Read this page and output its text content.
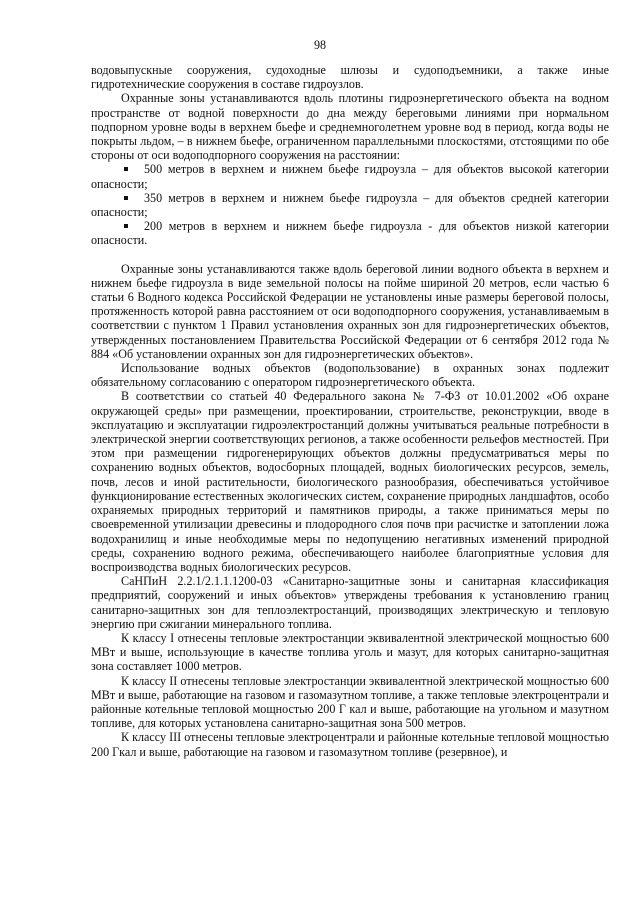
98

водовыпускные сооружения, судоходные шлюзы и судоподъемники, а также иные гидротехнические сооружения в составе гидроузлов.

Охранные зоны устанавливаются вдоль плотины гидроэнергетического объекта на водном пространстве от водной поверхности до дна между береговыми линиями при нормальном подпорном уровне воды в верхнем бьефе и среднемноголетнем уровне вод в период, когда воды не покрыты льдом, – в нижнем бьефе, ограниченном параллельными плоскостями, отстоящими по обе стороны от оси водоподпорного сооружения на расстоянии:

500 метров в верхнем и нижнем бьефе гидроузла – для объектов высокой категории опасности;

350 метров в верхнем и нижнем бьефе гидроузла – для объектов средней категории опасности;

200 метров в верхнем и нижнем бьефе гидроузла - для объектов низкой категории опасности.

Охранные зоны устанавливаются также вдоль береговой линии водного объекта в верхнем и нижнем бьефе гидроузла в виде земельной полосы на пойме шириной 20 метров, если частью 6 статьи 6 Водного кодекса Российской Федерации не установлены иные размеры береговой полосы, протяженность которой равна расстоянием от оси водоподпорного сооружения, устанавливаемым в соответствии с пунктом 1 Правил установления охранных зон для гидроэнергетических объектов, утвержденных постановлением Правительства Российской Федерации от 6 сентября 2012 года № 884 «Об установлении охранных зон для гидроэнергетических объектов».

Использование водных объектов (водопользование) в охранных зонах подлежит обязательному согласованию с оператором гидроэнергетического объекта.

В соответствии со статьей 40 Федерального закона № 7-ФЗ от 10.01.2002 «Об охране окружающей среды» при размещении, проектировании, строительстве, реконструкции, вводе в эксплуатацию и эксплуатации гидроэлектростанций должны учитываться реальные потребности в электрической энергии соответствующих регионов, а также особенности рельефов местностей. При этом при размещении гидрогенерирующих объектов должны предусматриваться меры по сохранению водных объектов, водосборных площадей, водных биологических ресурсов, земель, почв, лесов и иной растительности, биологического разнообразия, обеспечиваться устойчивое функционирование естественных экологических систем, сохранение природных ландшафтов, особо охраняемых природных территорий и памятников природы, а также приниматься меры по своевременной утилизации древесины и плодородного слоя почв при расчистке и затоплении ложа водохранилищ и иные необходимые меры по недопущению негативных изменений природной среды, сохранению водного режима, обеспечивающего наиболее благоприятные условия для воспроизводства водных биологических ресурсов.

СаНПиН 2.2.1/2.1.1.1200-03 «Санитарно-защитные зоны и санитарная классификация предприятий, сооружений и иных объектов» утверждены требования к установлению границ санитарно-защитных зон для теплоэлектростанций, производящих электрическую и тепловую энергию при сжигании минерального топлива.

К классу I отнесены тепловые электростанции эквивалентной электрической мощностью 600 МВт и выше, использующие в качестве топлива уголь и мазут, для которых санитарно-защитная зона составляет 1000 метров.

К классу II отнесены тепловые электростанции эквивалентной электрической мощностью 600 МВт и выше, работающие на газовом и газомазутном топливе, а также тепловые электроцентрали и районные котельные тепловой мощностью 200 Г кал и выше, работающие на угольном и мазутном топливе, для которых установлена санитарно-защитная зона 500 метров.

К классу III отнесены тепловые электроцентрали и районные котельные тепловой мощностью 200 Гкал и выше, работающие на газовом и газомазутном топливе (резервное), и
